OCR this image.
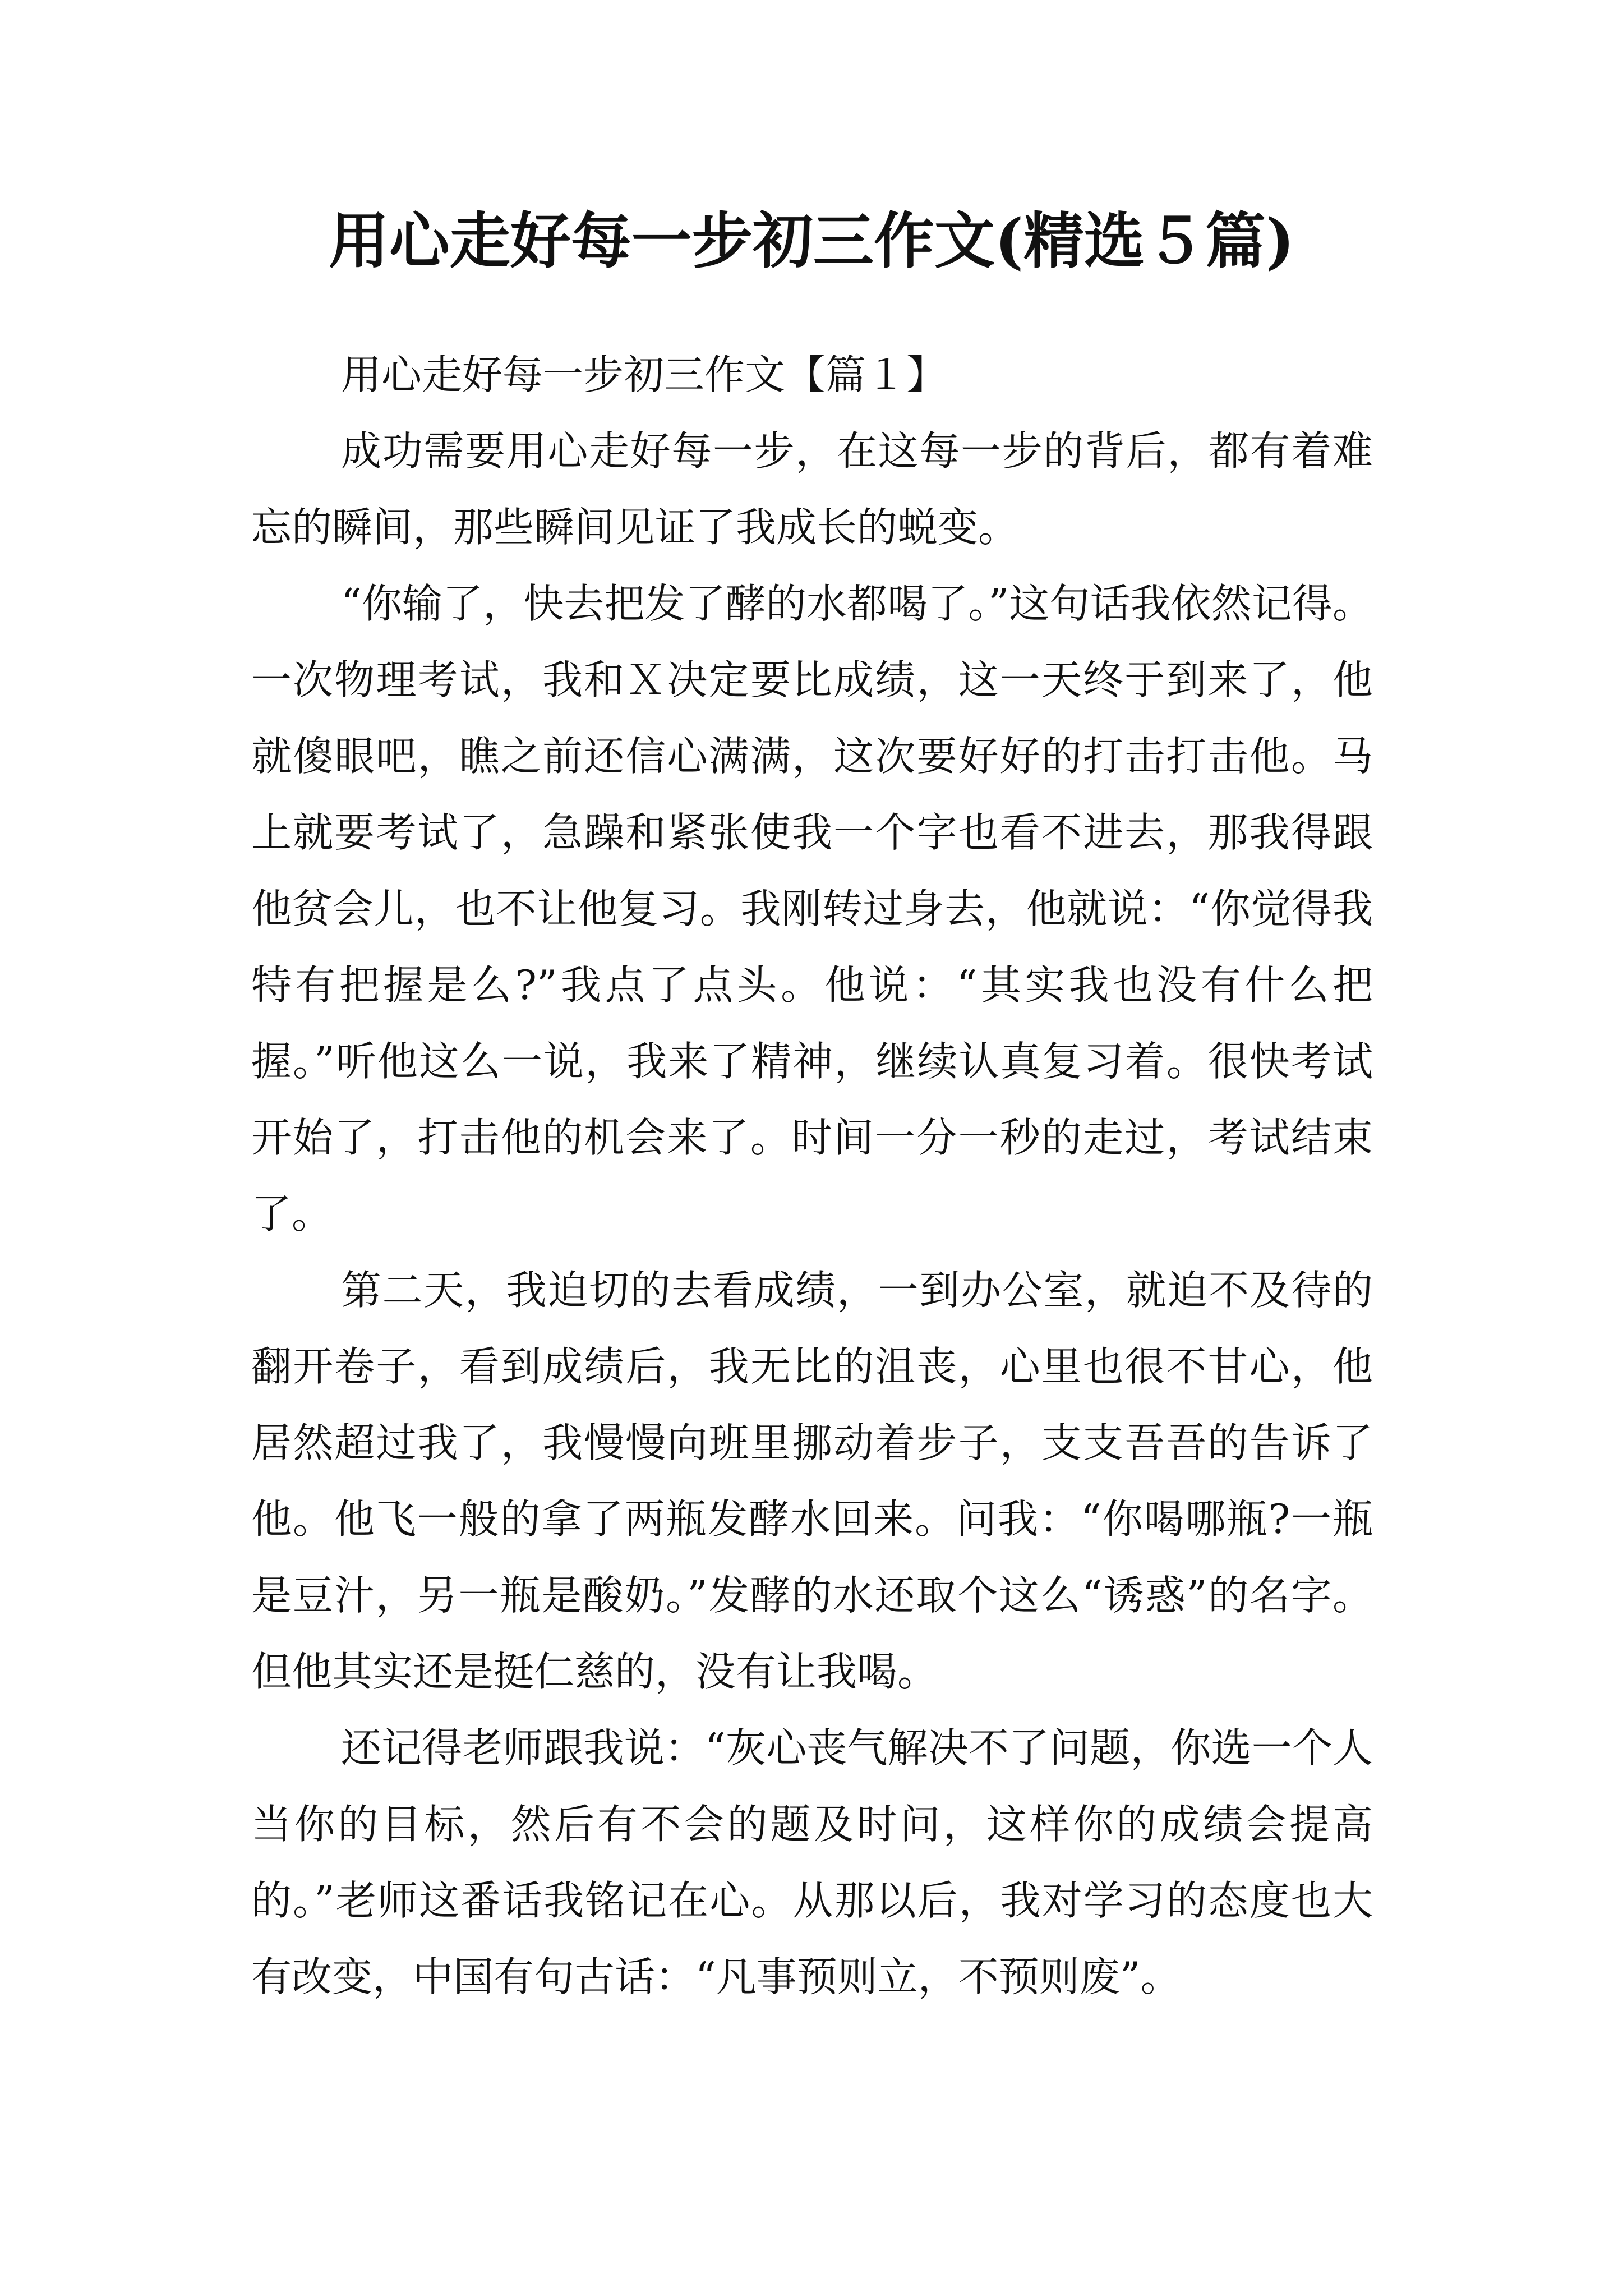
用心走好每一步初三作文(精选５篇)

用心走好每一步初三作文【篇１】

成功需要用心走好每一步，在这每一步的背后，都有着难忘的瞬间，那些瞬间见证了我成长的蜕变。

“你输了，快去把发了酵的水都喝了。”这句话我依然记得。一次物理考试，我和Ｘ决定要比成绩，这一天终于到来了，他就傻眼吧，瞧之前还信心满满，这次要好好的打击打击他。马上就要考试了，急躁和紧张使我一个字也看不进去，那我得跟他贫会儿，也不让他复习。我刚转过身去，他就说：“你觉得我特有把握是么?”我点了点头。他说：“其实我也没有什么把握。”听他这么一说，我来了精神，继续认真复习着。很快考试开始了，打击他的机会来了。时间一分一秒的走过，考试结束了。

第二天，我迫切的去看成绩，一到办公室，就迫不及待的翻开卷子，看到成绩后，我无比的沮丧，心里也很不甘心，他居然超过我了，我慢慢向班里挪动着步子，支支吾吾的告诉了他。他飞一般的拿了两瓶发酵水回来。问我：“你喝哪瓶?一瓶是豆汁，另一瓶是酸奶。”发酵的水还取个这么“诱惑”的名字。但他其实还是挺仁慈的，没有让我喝。

还记得老师跟我说：“灰心丧气解决不了问题，你选一个人当你的目标，然后有不会的题及时问，这样你的成绩会提高的。”老师这番话我铭记在心。从那以后，我对学习的态度也大有改变，中国有句古话：“凡事预则立，不预则废”。
